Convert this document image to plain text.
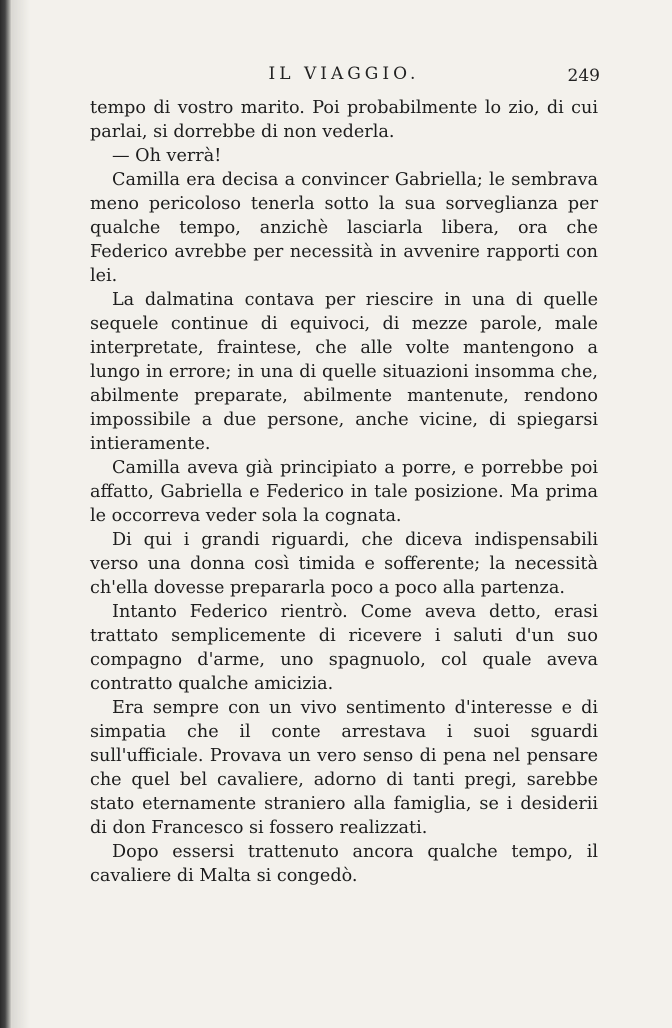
IL VIAGGIO.	249

tempo di vostro marito. Poi probabilmente lo zio, di cui parlai, si dorrebbe di non vederla.

— Oh verrà!

Camilla era decisa a convincer Gabriella; le sembrava meno pericoloso tenerla sotto la sua sorveglianza per qualche tempo, anzichè lasciarla libera, ora che Federico avrebbe per necessità in avvenire rapporti con lei.

La dalmatina contava per riescire in una di quelle sequele continue di equivoci, di mezze parole, male interpretate, fraintese, che alle volte mantengono a lungo in errore; in una di quelle situazioni insomma che, abilmente preparate, abilmente mantenute, rendono impossibile a due persone, anche vicine, di spiegarsi intieramente.

Camilla aveva già principiato a porre, e porrebbe poi affatto, Gabriella e Federico in tale posizione. Ma prima le occorreva veder sola la cognata.

Di qui i grandi riguardi, che diceva indispensabili verso una donna così timida e sofferente; la necessità ch'ella dovesse prepararla poco a poco alla partenza.

Intanto Federico rientrò. Come aveva detto, erasi trattato semplicemente di ricevere i saluti d'un suo compagno d'arme, uno spagnuolo, col quale aveva contratto qualche amicizia.

Era sempre con un vivo sentimento d'interesse e di simpatia che il conte arrestava i suoi sguardi sull'ufficiale. Provava un vero senso di pena nel pensare che quel bel cavaliere, adorno di tanti pregi, sarebbe stato eternamente straniero alla famiglia, se i desiderii di don Francesco si fossero realizzati.

Dopo essersi trattenuto ancora qualche tempo, il cavaliere di Malta si congedò.
